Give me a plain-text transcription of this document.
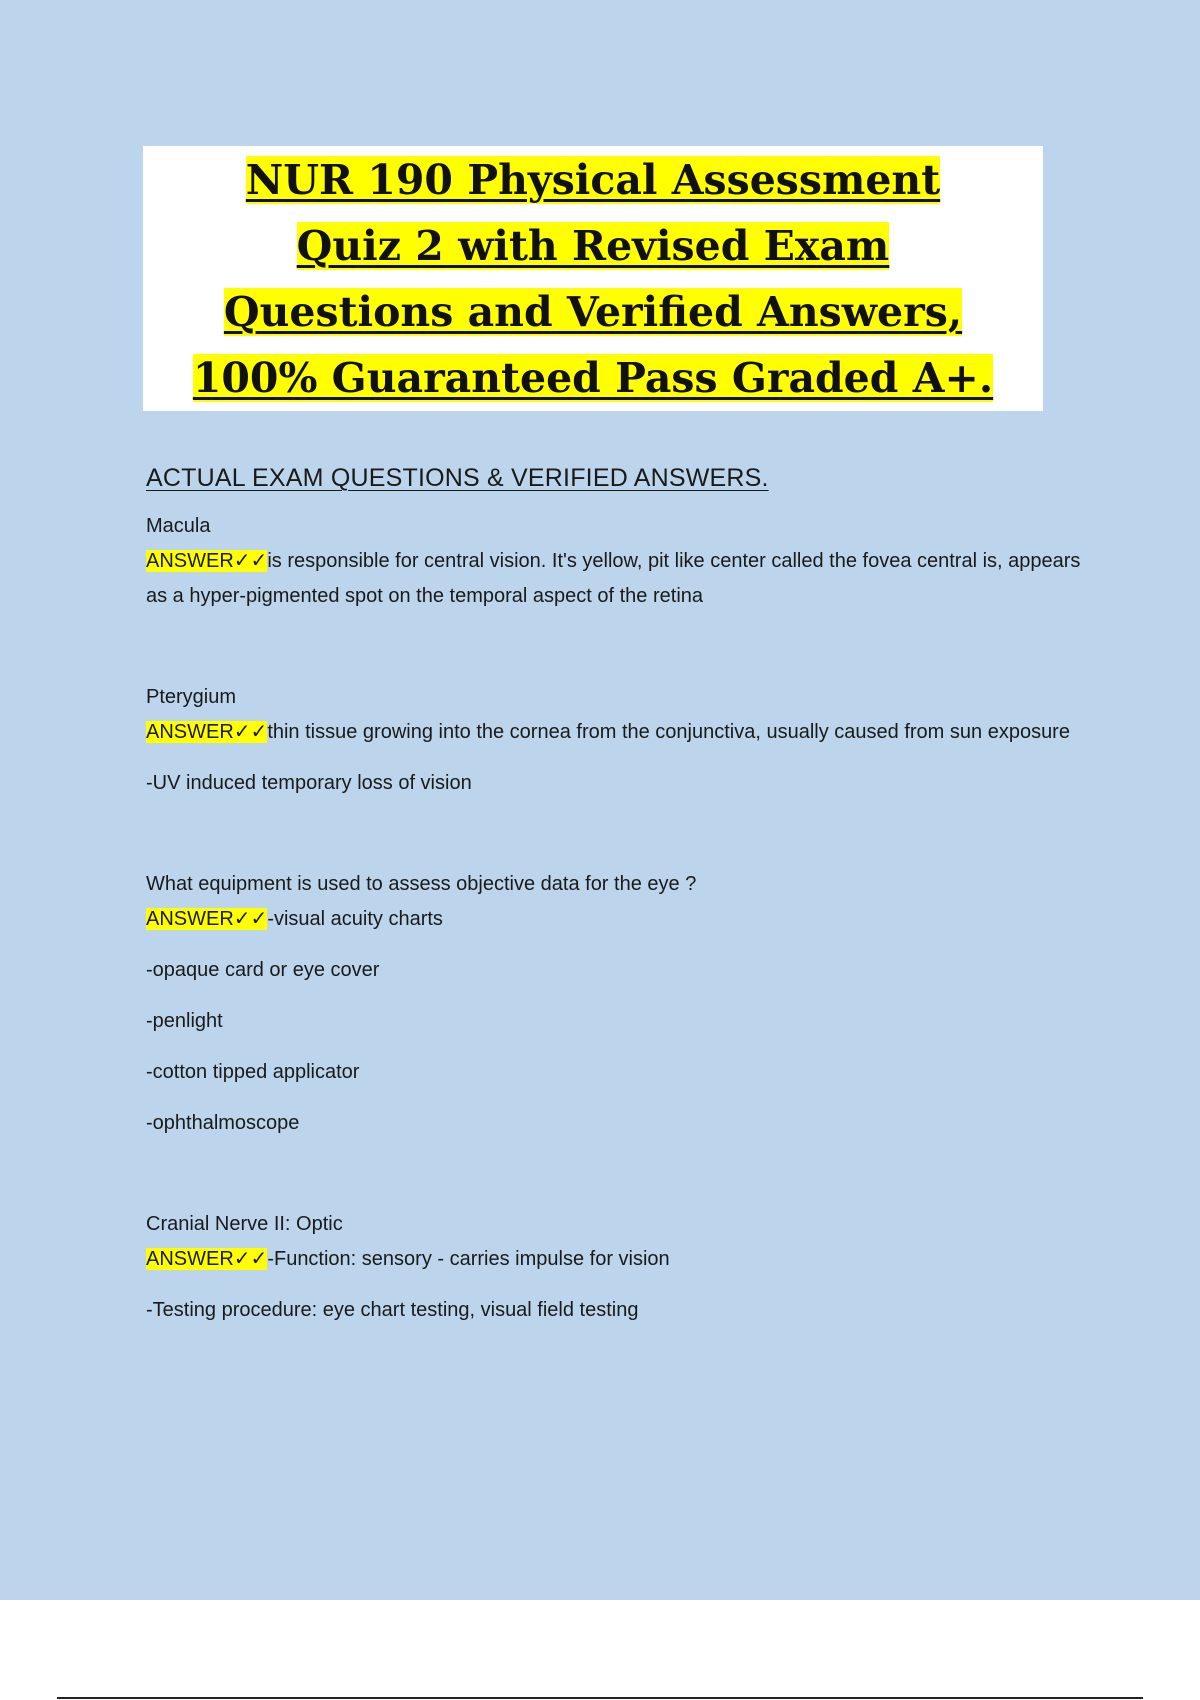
NUR 190 Physical Assessment
Quiz 2 with Revised Exam
Questions and Verified Answers,
100% Guaranteed Pass Graded A+.
ACTUAL EXAM QUESTIONS & VERIFIED ANSWERS.
Macula
ANSWER✓✓is responsible for central vision. It's yellow, pit like center called the fovea central is, appears as a hyper-pigmented spot on the temporal aspect of the retina
Pterygium
ANSWER✓✓thin tissue growing into the cornea from the conjunctiva, usually caused from sun exposure
-UV induced temporary loss of vision
What equipment is used to assess objective data for the eye ?
ANSWER✓✓-visual acuity charts
-opaque card or eye cover
-penlight
-cotton tipped applicator
-ophthalmoscope
Cranial Nerve II: Optic
ANSWER✓✓-Function: sensory - carries impulse for vision
-Testing procedure: eye chart testing, visual field testing
